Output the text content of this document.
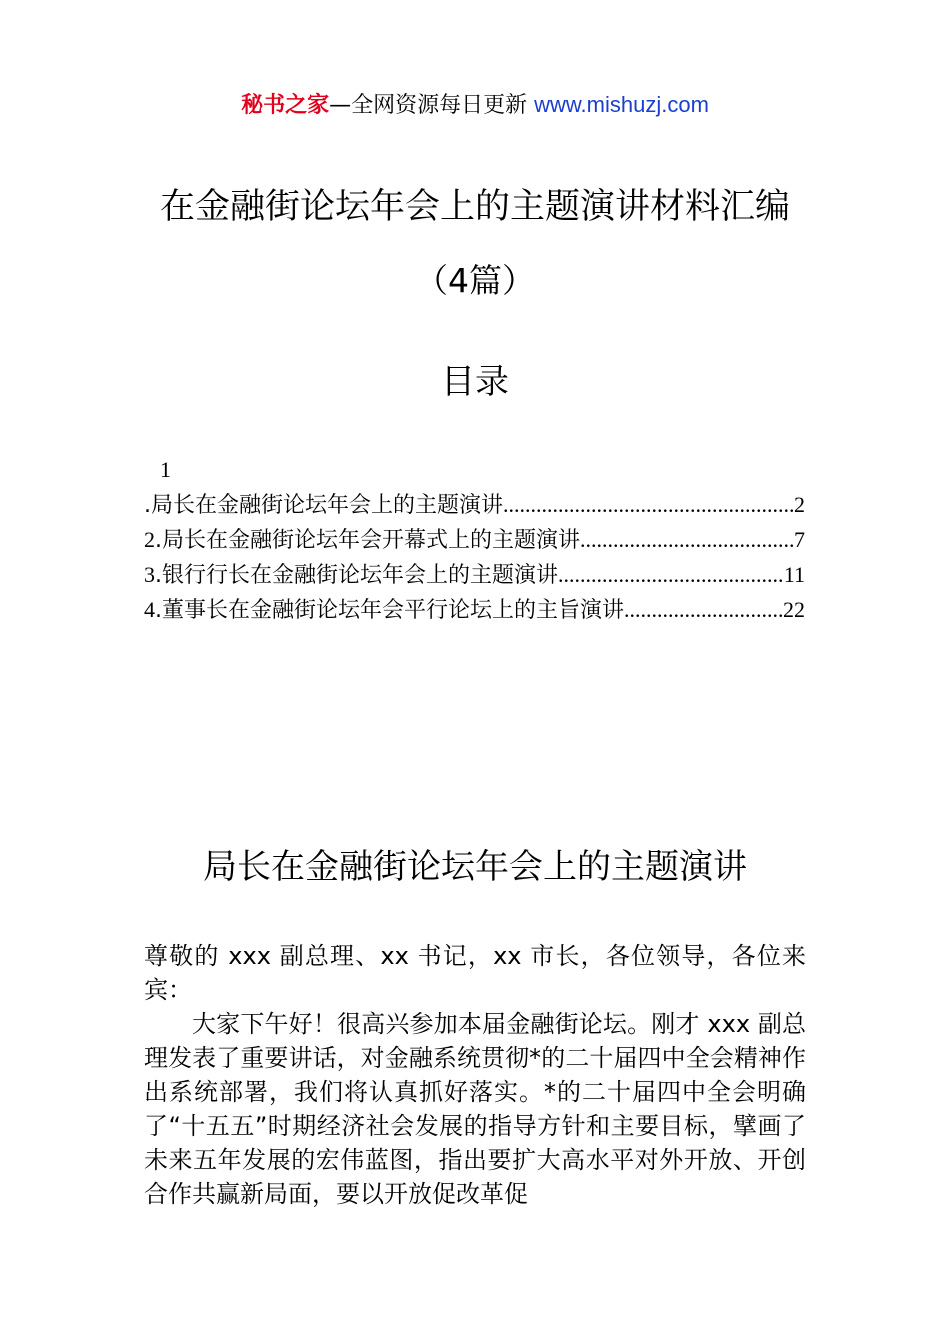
秘书之家—全网资源每日更新 www.mishuzj.com
在金融街论坛年会上的主题演讲材料汇编
（4篇）
目录
1
.局长在金融街论坛年会上的主题演讲 .....	2
2.局长在金融街论坛年会开幕式上的主题演讲 .....	7
3.银行行长在金融街论坛年会上的主题演讲 .....	11
4.董事长在金融街论坛年会平行论坛上的主旨演讲 .....	22
局长在金融街论坛年会上的主题演讲

尊敬的 xxx 副总理、xx 书记，xx 市长，各位领导，各位来宾：

大家下午好！很高兴参加本届金融街论坛。刚才 xxx 副总理发表了重要讲话，对金融系统贯彻*的二十届四中全会精神作出系统部署，我们将认真抓好落实。*的二十届四中全会明确了“十五五”时期经济社会发展的指导方针和主要目标，擘画了未来五年发展的宏伟蓝图，指出要扩大高水平对外开放、开创合作共赢新局面，要以开放促改革促
